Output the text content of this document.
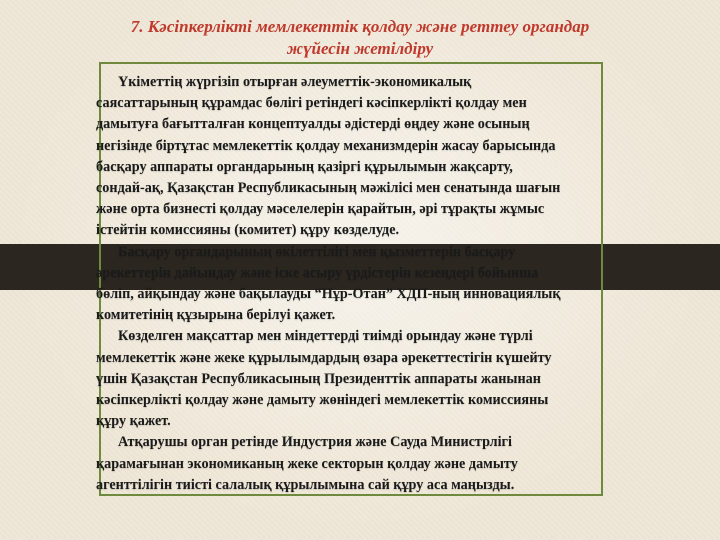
7. Кәсіпкерлікті мемлекеттік қолдау және реттеу органдар
жүйесін жетілдіру

Үкіметтің жүргізіп отырған әлеуметтік-экономикалық

саясаттарының құрамдас бөлігі ретіндегі кәсіпкерлікті қолдау мен
дамытуға бағытталған концептуалды әдістерді өңдеу және осының
негізінде біртұтас мемлекеттік қолдау механизмдерін жасау барысында
басқару аппараты органдарының қазіргі құрылымын жақсарту,
сондай-ақ, Қазақстан Республикасының мәжілісі мен сенатында шағын
және орта бизнесті қолдау мәселелерін қарайтын, әрі тұрақты жұмыс
істейтін комиссияны (комитет) құру көзделуде.

Басқару органдарының өкілеттілігі мен қызметтерін басқару

әрекеттерін дайындау және іске асыру үрдістерін кезеңдері бойынша
бөліп, айқындау және бақылауды “Нұр-Отан” ХДП-ның инновациялық
комитетінің құзырына берілуі қажет.

Көзделген мақсаттар мен міндеттерді тиімді орындау және түрлі

мемлекеттік және жеке құрылымдардың өзара әрекеттестігін күшейту
үшін Қазақстан Республикасының Президенттік аппараты жанынан
кәсіпкерлікті қолдау және дамыту жөніндегі мемлекеттік комиссияны
құру қажет.

Атқарушы орган ретінде Индустрия және Сауда Министрлігі

қарамағынан экономиканың жеке секторын қолдау және дамыту
агенттілігін тиісті салалық құрылымына сай құру аса маңызды.
